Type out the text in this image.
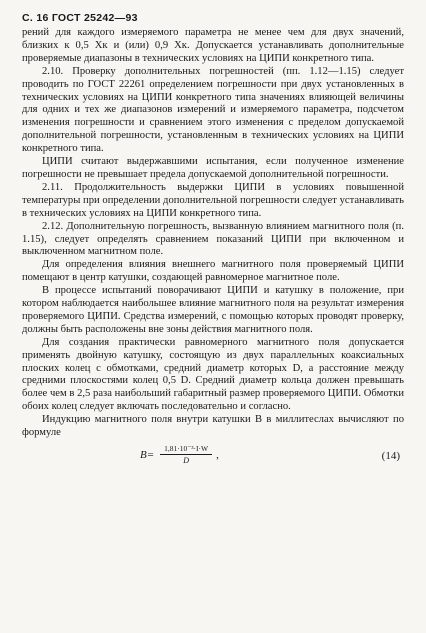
С. 16 ГОСТ 25242—93

рений для каждого измеряемого параметра не менее чем для двух значений, близких к 0,5 Xк и (или) 0,9 Xк. Допускается устанавливать дополнительные проверяемые диапазоны в технических условиях на ЦИПИ конкретного типа.

2.10. Проверку дополнительных погрешностей (пп. 1.12—1.15) следует проводить по ГОСТ 22261 определением погрешности при двух установленных в технических условиях на ЦИПИ конкретного типа значениях влияющей величины для одних и тех же диапазонов измерений и измеряемого параметра, подсчетом изменения погрешности и сравнением этого изменения с пределом допускаемой дополнительной погрешности, установленным в технических условиях на ЦИПИ конкретного типа.

ЦИПИ считают выдержавшими испытания, если полученное изменение погрешности не превышает предела допускаемой дополнительной погрешности.

2.11. Продолжительность выдержки ЦИПИ в условиях повышенной температуры при определении дополнительной погрешности следует устанавливать в технических условиях на ЦИПИ конкретного типа.

2.12. Дополнительную погрешность, вызванную влиянием магнитного поля (п. 1.15), следует определять сравнением показаний ЦИПИ при включенном и выключенном магнитном поле.

Для определения влияния внешнего магнитного поля проверяемый ЦИПИ помещают в центр катушки, создающей равномерное магнитное поле.

В процессе испытаний поворачивают ЦИПИ и катушку в положение, при котором наблюдается наибольшее влияние магнитного поля на результат измерения проверяемого ЦИПИ. Средства измерений, с помощью которых проводят проверку, должны быть расположены вне зоны действия магнитного поля.

Для создания практически равномерного магнитного поля допускается применять двойную катушку, состоящую из двух параллельных коаксиальных плоских колец с обмотками, средний диаметр которых D, а расстояние между средними плоскостями колец 0,5 D. Средний диаметр кольца должен превышать более чем в 2,5 раза наибольший габаритный размер проверяемого ЦИПИ. Обмотки обоих колец следует включать последовательно и согласно.

Индукцию магнитного поля внутри катушки B в миллитеслах вычисляют по формуле

$B= \frac{\text{1,81·10⁻³·I·W}}{D}$ ,	(14)
